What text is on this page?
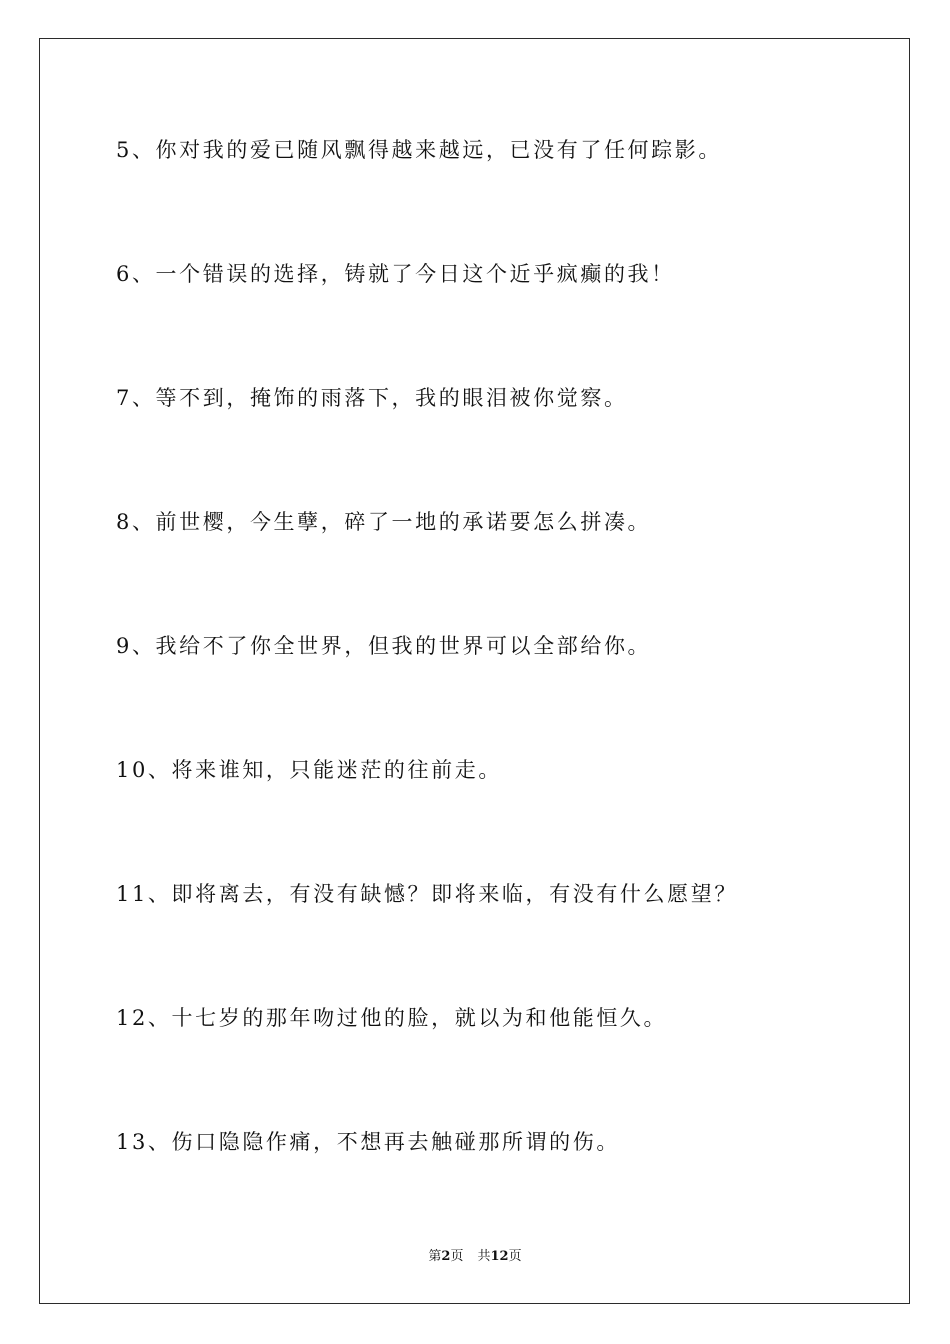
5、你对我的爱已随风飘得越来越远，已没有了任何踪影。
6、一个错误的选择，铸就了今日这个近乎疯癫的我！
7、等不到，掩饰的雨落下，我的眼泪被你觉察。
8、前世樱，今生孽，碎了一地的承诺要怎么拼凑。
9、我给不了你全世界，但我的世界可以全部给你。
10、将来谁知，只能迷茫的往前走。
11、即将离去，有没有缺憾？即将来临，有没有什么愿望？
12、十七岁的那年吻过他的脸，就以为和他能恒久。
13、伤口隐隐作痛，不想再去触碰那所谓的伤。
第2页 共12页
